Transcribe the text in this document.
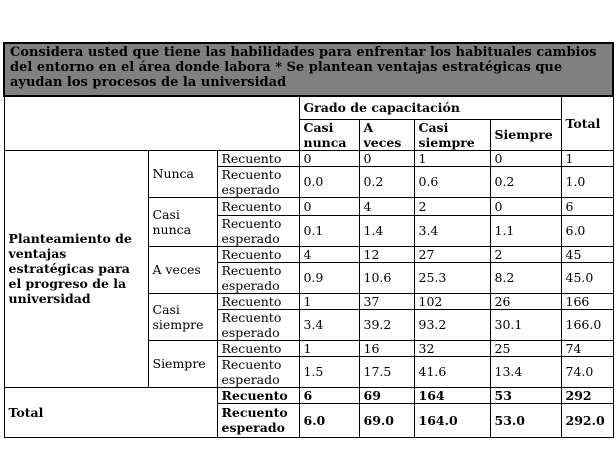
Considera usted que tiene las habilidades para enfrentar los habituales cambios del entorno en el área donde labora * Se plantean ventajas estratégicas que ayudan los procesos de la universidad							
			Grado de capacitación				Total
			Casi nunca	A veces	Casi siempre	Siempre	
Planteamiento de ventajas estratégicas para el progreso de la universidad	Nunca	Recuento	0	0	1	0	1
		Recuento esperado	0.0	0.2	0.6	0.2	1.0
	Casi nunca	Recuento	0	4	2	0	6
		Recuento esperado	0.1	1.4	3.4	1.1	6.0
	A veces	Recuento	4	12	27	2	45
		Recuento esperado	0.9	10.6	25.3	8.2	45.0
	Casi siempre	Recuento	1	37	102	26	166
		Recuento esperado	3.4	39.2	93.2	30.1	166.0
	Siempre	Recuento	1	16	32	25	74
		Recuento esperado	1.5	17.5	41.6	13.4	74.0
Total		Recuento	6	69	164	53	292
		Recuento esperado	6.0	69.0	164.0	53.0	292.0
